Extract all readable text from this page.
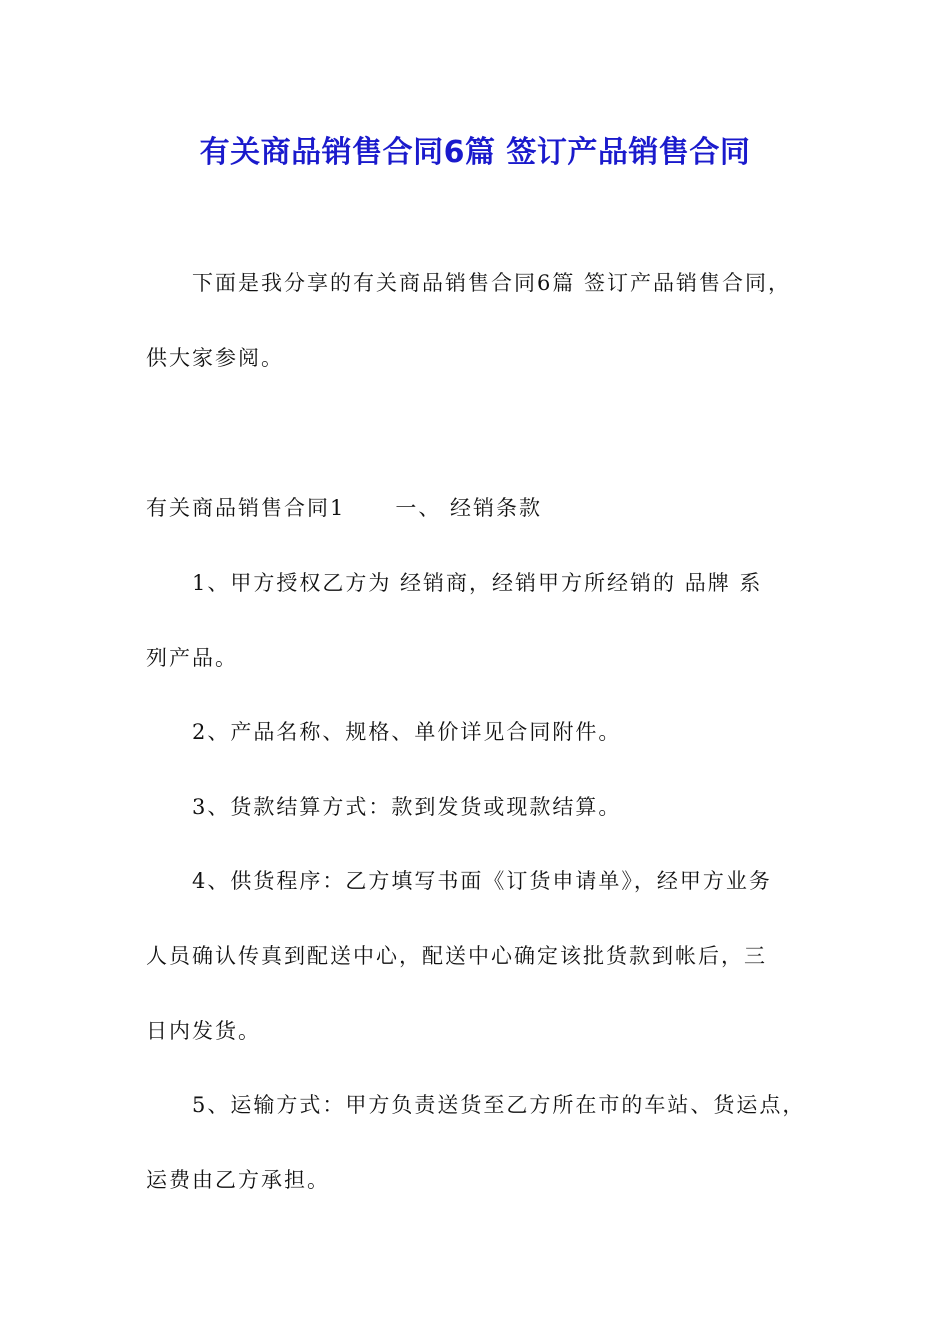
有关商品销售合同6篇 签订产品销售合同
下面是我分享的有关商品销售合同6篇 签订产品销售合同，
供大家参阅。
有关商品销售合同1 一、 经销条款
1、甲方授权乙方为 经销商，经销甲方所经销的 品牌 系
列产品。
2、产品名称、规格、单价详见合同附件。
3、货款结算方式：款到发货或现款结算。
4、供货程序：乙方填写书面《订货申请单》，经甲方业务
人员确认传真到配送中心，配送中心确定该批货款到帐后，三
日内发货。
5、运输方式：甲方负责送货至乙方所在市的车站、货运点，
运费由乙方承担。
